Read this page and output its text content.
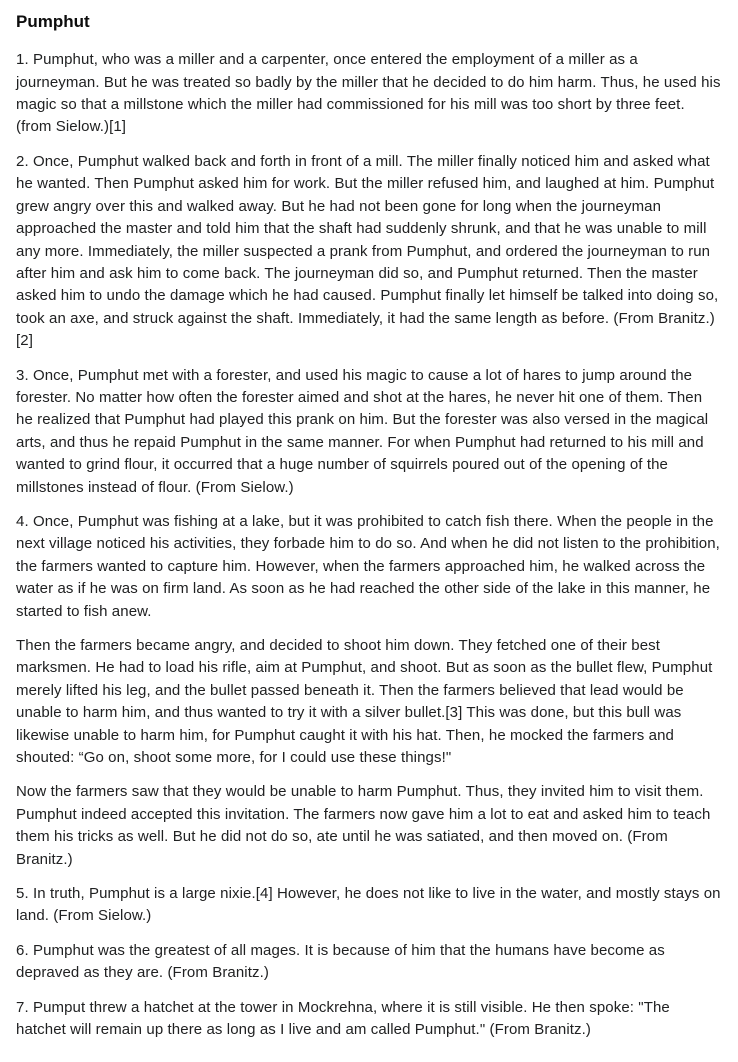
Pumphut

1. Pumphut, who was a miller and a carpenter, once entered the employment of a miller as a journeyman. But he was treated so badly by the miller that he decided to do him harm. Thus, he used his magic so that a millstone which the miller had commissioned for his mill was too short by three feet. (from Sielow.)[1]

2. Once, Pumphut walked back and forth in front of a mill. The miller finally noticed him and asked what he wanted. Then Pumphut asked him for work. But the miller refused him, and laughed at him. Pumphut grew angry over this and walked away. But he had not been gone for long when the journeyman approached the master and told him that the shaft had suddenly shrunk, and that he was unable to mill any more. Immediately, the miller suspected a prank from Pumphut, and ordered the journeyman to run after him and ask him to come back. The journeyman did so, and Pumphut returned. Then the master asked him to undo the damage which he had caused. Pumphut finally let himself be talked into doing so, took an axe, and struck against the shaft. Immediately, it had the same length as before. (From Branitz.)[2]

3. Once, Pumphut met with a forester, and used his magic to cause a lot of hares to jump around the forester. No matter how often the forester aimed and shot at the hares, he never hit one of them. Then he realized that Pumphut had played this prank on him. But the forester was also versed in the magical arts, and thus he repaid Pumphut in the same manner. For when Pumphut had returned to his mill and wanted to grind flour, it occurred that a huge number of squirrels poured out of the opening of the millstones instead of flour. (From Sielow.)

4. Once, Pumphut was fishing at a lake, but it was prohibited to catch fish there. When the people in the next village noticed his activities, they forbade him to do so. And when he did not listen to the prohibition, the farmers wanted to capture him. However, when the farmers approached him, he walked across the water as if he was on firm land. As soon as he had reached the other side of the lake in this manner, he started to fish anew.

Then the farmers became angry, and decided to shoot him down. They fetched one of their best marksmen. He had to load his rifle, aim at Pumphut, and shoot. But as soon as the bullet flew, Pumphut merely lifted his leg, and the bullet passed beneath it. Then the farmers believed that lead would be unable to harm him, and thus wanted to try it with a silver bullet.[3] This was done, but this bull was likewise unable to harm him, for Pumphut caught it with his hat. Then, he mocked the farmers and shouted: “Go on, shoot some more, for I could use these things!"

Now the farmers saw that they would be unable to harm Pumphut. Thus, they invited him to visit them. Pumphut indeed accepted this invitation. The farmers now gave him a lot to eat and asked him to teach them his tricks as well. But he did not do so, ate until he was satiated, and then moved on. (From Branitz.)

5. In truth, Pumphut is a large nixie.[4] However, he does not like to live in the water, and mostly stays on land. (From Sielow.)

6. Pumphut was the greatest of all mages. It is because of him that the humans have become as depraved as they are. (From Branitz.)

7. Pumput threw a hatchet at the tower in Mockrehna, where it is still visible. He then spoke: "The hatchet will remain up there as long as I live and am called Pumphut." (From Branitz.)
